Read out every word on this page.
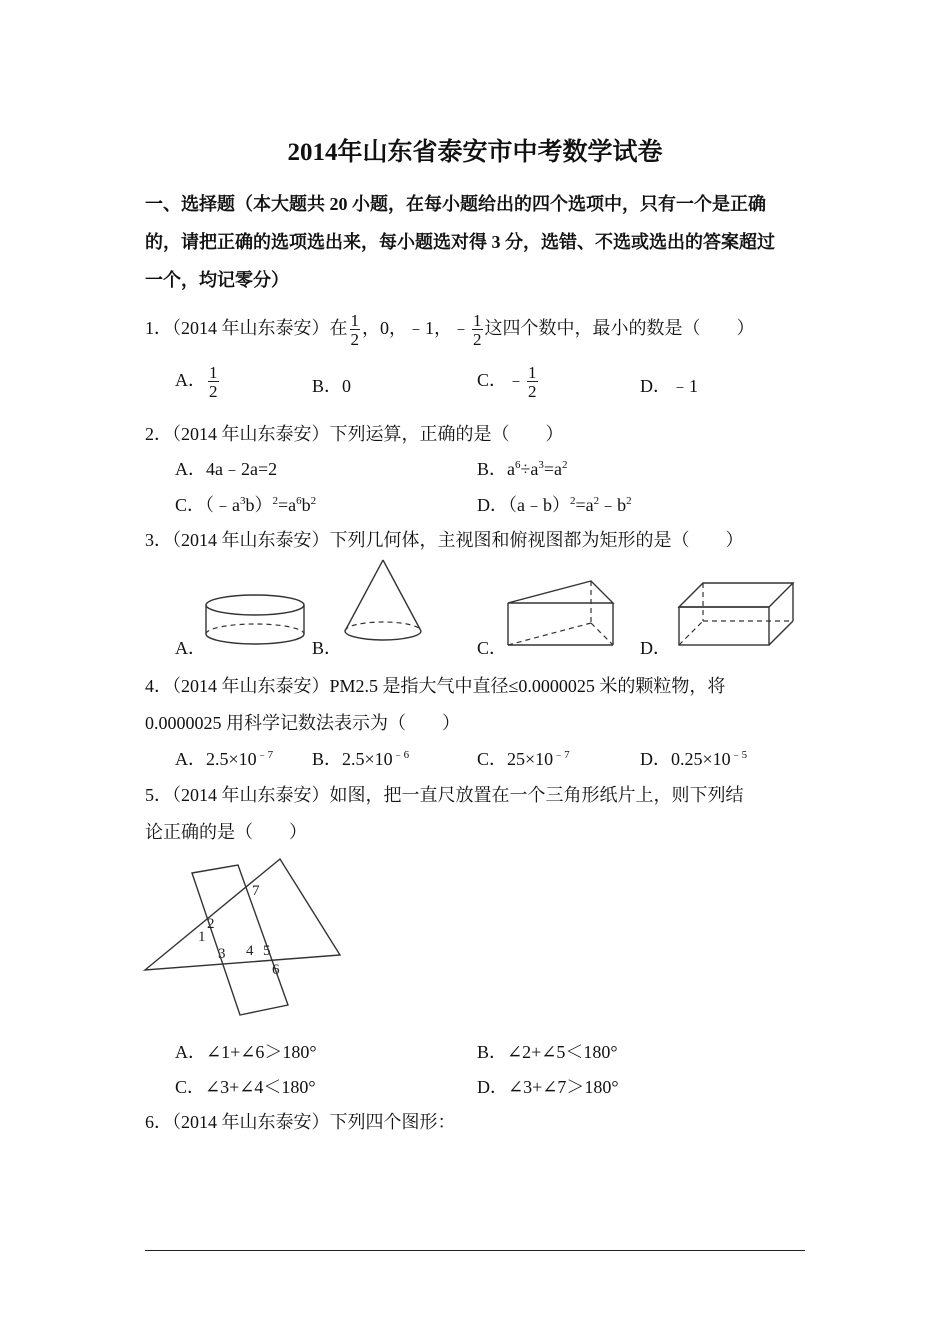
2014年山东省泰安市中考数学试卷
一、选择题（本大题共 20 小题，在每小题给出的四个选项中，只有一个是正确
的，请把正确的选项选出来，每小题选对得 3 分，选错、不选或选出的答案超过
一个，均记零分）
1．（2014 年山东泰安）在 $\frac{1}{2}$ ，0，﹣1，﹣ $\frac{1}{2}$ 这四个数中，最小的数是（　　）
A． $\frac{1}{2}$	B．0	C．﹣ $\frac{1}{2}$	D．﹣1
2．（2014 年山东泰安）下列运算，正确的是（　　）
A．4a﹣2a=2	B．$a^6\div a^3=a^2$
C．$(﹣a^3b)^2=a^6b^2$	D．$(a﹣b)^2=a^2﹣b^2$
3．（2014 年山东泰安）下列几何体，主视图和俯视图都为矩形的是（　　）
A．	B．	C．	D．
4．（2014 年山东泰安）PM2.5 是指大气中直径≤0.0000025 米的颗粒物，将
0.0000025 用科学记数法表示为（　　）
A．$2.5\times 10^{﹣7}$ B．$2.5\times 10^{﹣6}$	C．$25\times 10^{﹣7}$	D．$0.25\times 10^{﹣5}$
5．（2014 年山东泰安）如图，把一直尺放置在一个三角形纸片上，则下列结
论正确的是（　　）
1
2
3 4 5
6
7
A．∠1+∠6＞180°	B．∠2+∠5＜180°
C．∠3+∠4＜180°	D．∠3+∠7＞180°
6．（2014 年山东泰安）下列四个图形：
